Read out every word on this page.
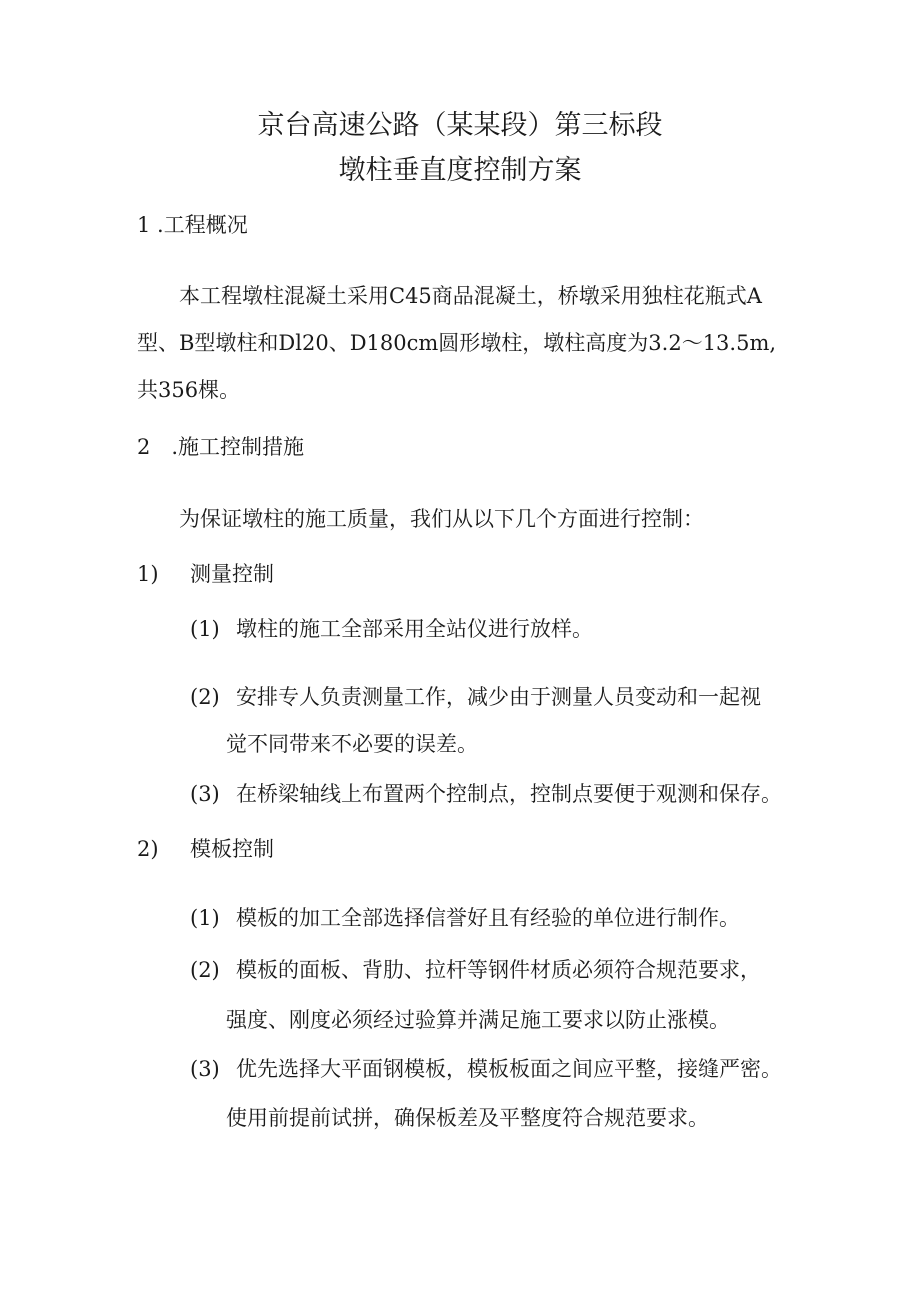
京台高速公路（某某段）第三标段
墩柱垂直度控制方案
1 .工程概况
本工程墩柱混凝土采用C45商品混凝土，桥墩采用独柱花瓶式A型、B型墩柱和Dl20、D180cm圆形墩柱，墩柱高度为3.2～13.5m,共356棵。
2　.施工控制措施
为保证墩柱的施工质量，我们从以下几个方面进行控制：
1) 测量控制
(1) 墩柱的施工全部采用全站仪进行放样。
(2) 安排专人负责测量工作，减少由于测量人员变动和一起视
觉不同带来不必要的误差。
(3) 在桥梁轴线上布置两个控制点，控制点要便于观测和保存。
2) 模板控制
(1) 模板的加工全部选择信誉好且有经验的单位进行制作。
(2) 模板的面板、背肋、拉杆等钢件材质必须符合规范要求，
强度、刚度必须经过验算并满足施工要求以防止涨模。
(3) 优先选择大平面钢模板，模板板面之间应平整，接缝严密。
使用前提前试拼，确保板差及平整度符合规范要求。
